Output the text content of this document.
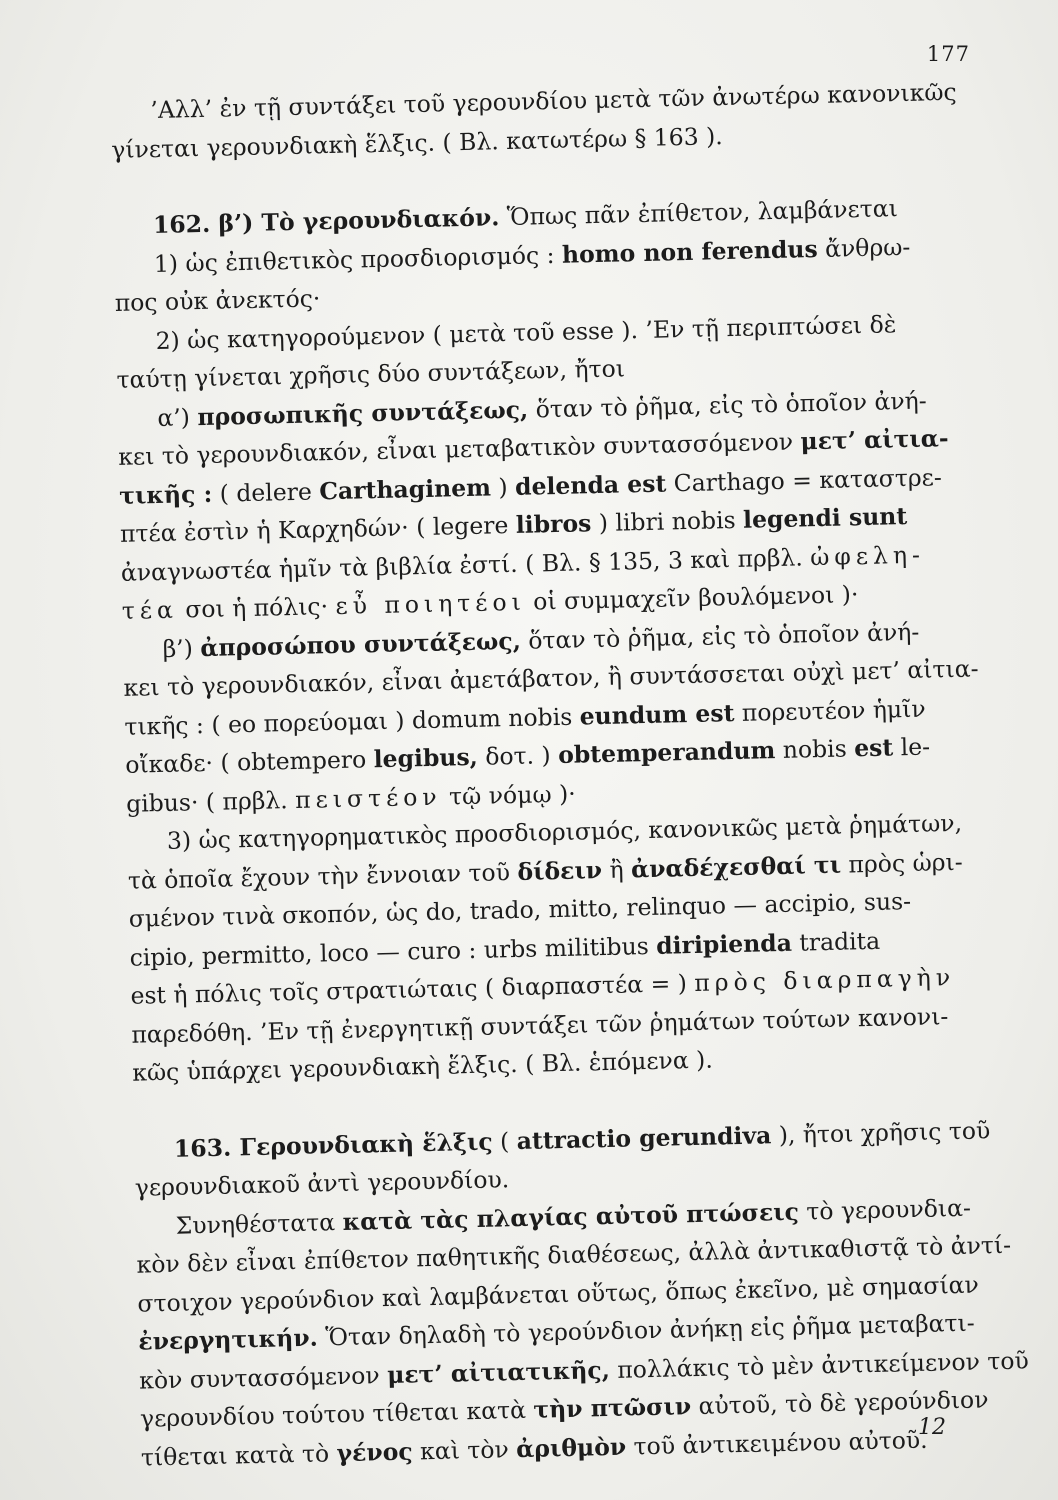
177
’Αλλ’ ἐν τῇ συντάξει τοῦ γερουνδίου μετὰ τῶν ἀνωτέρω κανονικῶς
γίνεται γερουνδιακὴ ἕλξις. ( Βλ. κατωτέρω § 163 ).
162. β’) Τὸ γερουνδιακόν. Ὅπως πᾶν ἐπίθετον, λαμβάνεται
1) ὡς ἐπιθετικὸς προσδιορισμός : homo non ferendus ἄνθρω-
πος οὐκ ἀνεκτός·
2) ὡς κατηγορούμενον ( μετὰ τοῦ esse ). ’Εν τῇ περιπτώσει δὲ
ταύτῃ γίνεται χρῆσις δύο συντάξεων, ἤτοι
α’) προσωπικῆς συντάξεως, ὅταν τὸ ῥῆμα, εἰς τὸ ὁποῖον ἀνή-
κει τὸ γερουνδιακόν, εἶναι μεταβατικὸν συντασσόμενον μετ’ αἰτια-
τικῆς : ( delere Carthaginem ) delenda est Carthago = καταστρε-
πτέα ἐστὶν ἡ Καρχηδών· ( legere libros ) libri nobis legendi sunt
ἀναγνωστέα ἡμῖν τὰ βιβλία ἐστί. ( Βλ. § 135, 3 καὶ πρβλ. ὠφελη-
τέα σοι ἡ πόλις· εὖ ποιητέοι οἱ συμμαχεῖν βουλόμενοι )·
β’) ἀπροσώπου συντάξεως, ὅταν τὸ ῥῆμα, εἰς τὸ ὁποῖον ἀνή-
κει τὸ γερουνδιακόν, εἶναι ἀμετάβατον, ἢ συντάσσεται οὐχὶ μετ’ αἰτια-
τικῆς : ( eo πορεύομαι ) domum nobis eundum est πορευτέον ἡμῖν
οἴκαδε· ( obtempero legibus, δοτ. ) obtemperandum nobis est le-
gibus· ( πρβλ. πειστέον τῷ νόμῳ )·
3) ὡς κατηγορηματικὸς προσδιορισμός, κανονικῶς μετὰ ῥημάτων,
τὰ ὁποῖα ἔχουν τὴν ἔννοιαν τοῦ δίδειν ἢ ἀναδέχεσθαί τι πρὸς ὡρι-
σμένον τινὰ σκοπόν, ὡς do, trado, mitto, relinquo — accipio, sus-
cipio, permitto, loco — curo : urbs militibus diripienda tradita
est ἡ πόλις τοῖς στρατιώταις ( διαρπαστέα = ) πρὸς διαρπαγὴν
παρεδόθη. ’Εν τῇ ἐνεργητικῇ συντάξει τῶν ῥημάτων τούτων κανονι-
κῶς ὑπάρχει γερουνδιακὴ ἕλξις. ( Βλ. ἑπόμενα ).
163. Γερουνδιακὴ ἕλξις ( attractio gerundiva ), ἤτοι χρῆσις τοῦ
γερουνδιακοῦ ἀντὶ γερουνδίου.
Συνηθέστατα κατὰ τὰς πλαγίας αὐτοῦ πτώσεις τὸ γερουνδια-
κὸν δὲν εἶναι ἐπίθετον παθητικῆς διαθέσεως, ἀλλὰ ἀντικαθιστᾷ τὸ ἀντί-
στοιχον γερούνδιον καὶ λαμβάνεται οὕτως, ὅπως ἐκεῖνο, μὲ σημασίαν
ἐνεργητικήν. Ὅταν δηλαδὴ τὸ γερούνδιον ἀνήκῃ εἰς ῥῆμα μεταβατι-
κὸν συντασσόμενον μετ’ αἰτιατικῆς, πολλάκις τὸ μὲν ἀντικείμενον τοῦ
γερουνδίου τούτου τίθεται κατὰ τὴν πτῶσιν αὐτοῦ, τὸ δὲ γερούνδιον
τίθεται κατὰ τὸ γένος καὶ τὸν ἀριθμὸν τοῦ ἀντικειμένου αὐτοῦ.
12
